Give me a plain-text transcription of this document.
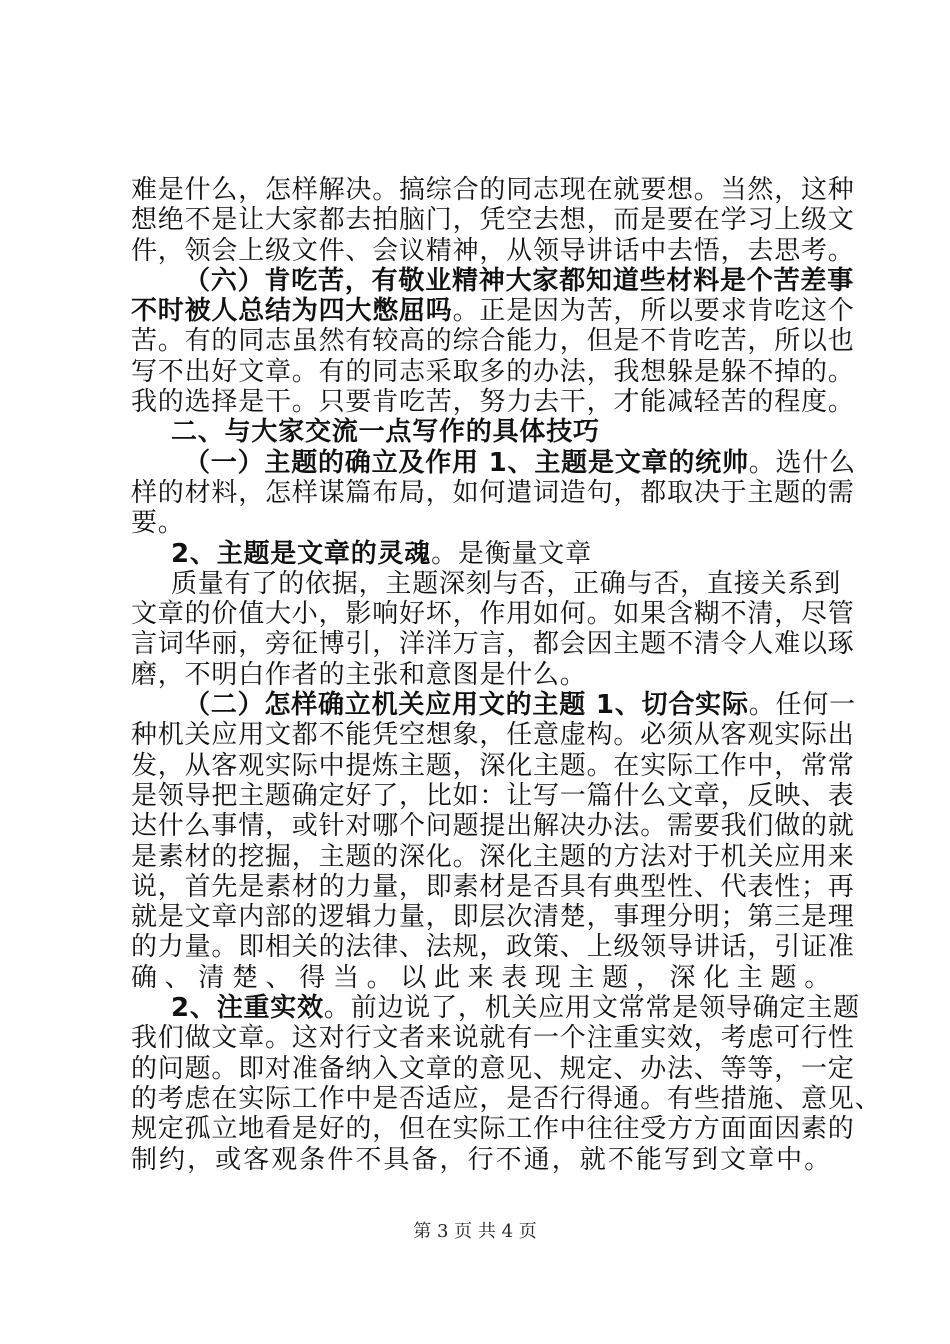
难是什么，怎样解决。搞综合的同志现在就要想。当然，这种
想绝不是让大家都去拍脑门，凭空去想，而是要在学习上级文
件，领会上级文件、会议精神，从领导讲话中去悟，去思考。
（六）肯吃苦，有敬业精神大家都知道些材料是个苦差事
不时被人总结为四大憋屈吗。正是因为苦，所以要求肯吃这个
苦。有的同志虽然有较高的综合能力，但是不肯吃苦，所以也
写不出好文章。有的同志采取多的办法，我想躲是躲不掉的。
我的选择是干。只要肯吃苦，努力去干，才能减轻苦的程度。
二、与大家交流一点写作的具体技巧
（一）主题的确立及作用 1、主题是文章的统帅。选什么
样的材料，怎样谋篇布局，如何遣词造句，都取决于主题的需
要。
2、主题是文章的灵魂。是衡量文章
质量有了的依据，主题深刻与否，正确与否，直接关系到
文章的价值大小，影响好坏，作用如何。如果含糊不清，尽管
言词华丽，旁征博引，洋洋万言，都会因主题不清令人难以琢
磨，不明白作者的主张和意图是什么。
（二）怎样确立机关应用文的主题 1、切合实际。任何一
种机关应用文都不能凭空想象，任意虚构。必须从客观实际出
发，从客观实际中提炼主题，深化主题。在实际工作中，常常
是领导把主题确定好了，比如：让写一篇什么文章，反映、表
达什么事情，或针对哪个问题提出解决办法。需要我们做的就
是素材的挖掘，主题的深化。深化主题的方法对于机关应用来
说，首先是素材的力量，即素材是否具有典型性、代表性；再
就是文章内部的逻辑力量，即层次清楚，事理分明；第三是理
的力量。即相关的法律、法规，政策、上级领导讲话，引证准
确、清楚、得当。以此来表现主题，深化主题。
2、注重实效。前边说了，机关应用文常常是领导确定主题
我们做文章。这对行文者来说就有一个注重实效，考虑可行性
的问题。即对准备纳入文章的意见、规定、办法、等等，一定
的考虑在实际工作中是否适应，是否行得通。有些措施、意见、
规定孤立地看是好的，但在实际工作中往往受方方面面因素的
制约，或客观条件不具备，行不通，就不能写到文章中。
第 3 页 共 4 页
